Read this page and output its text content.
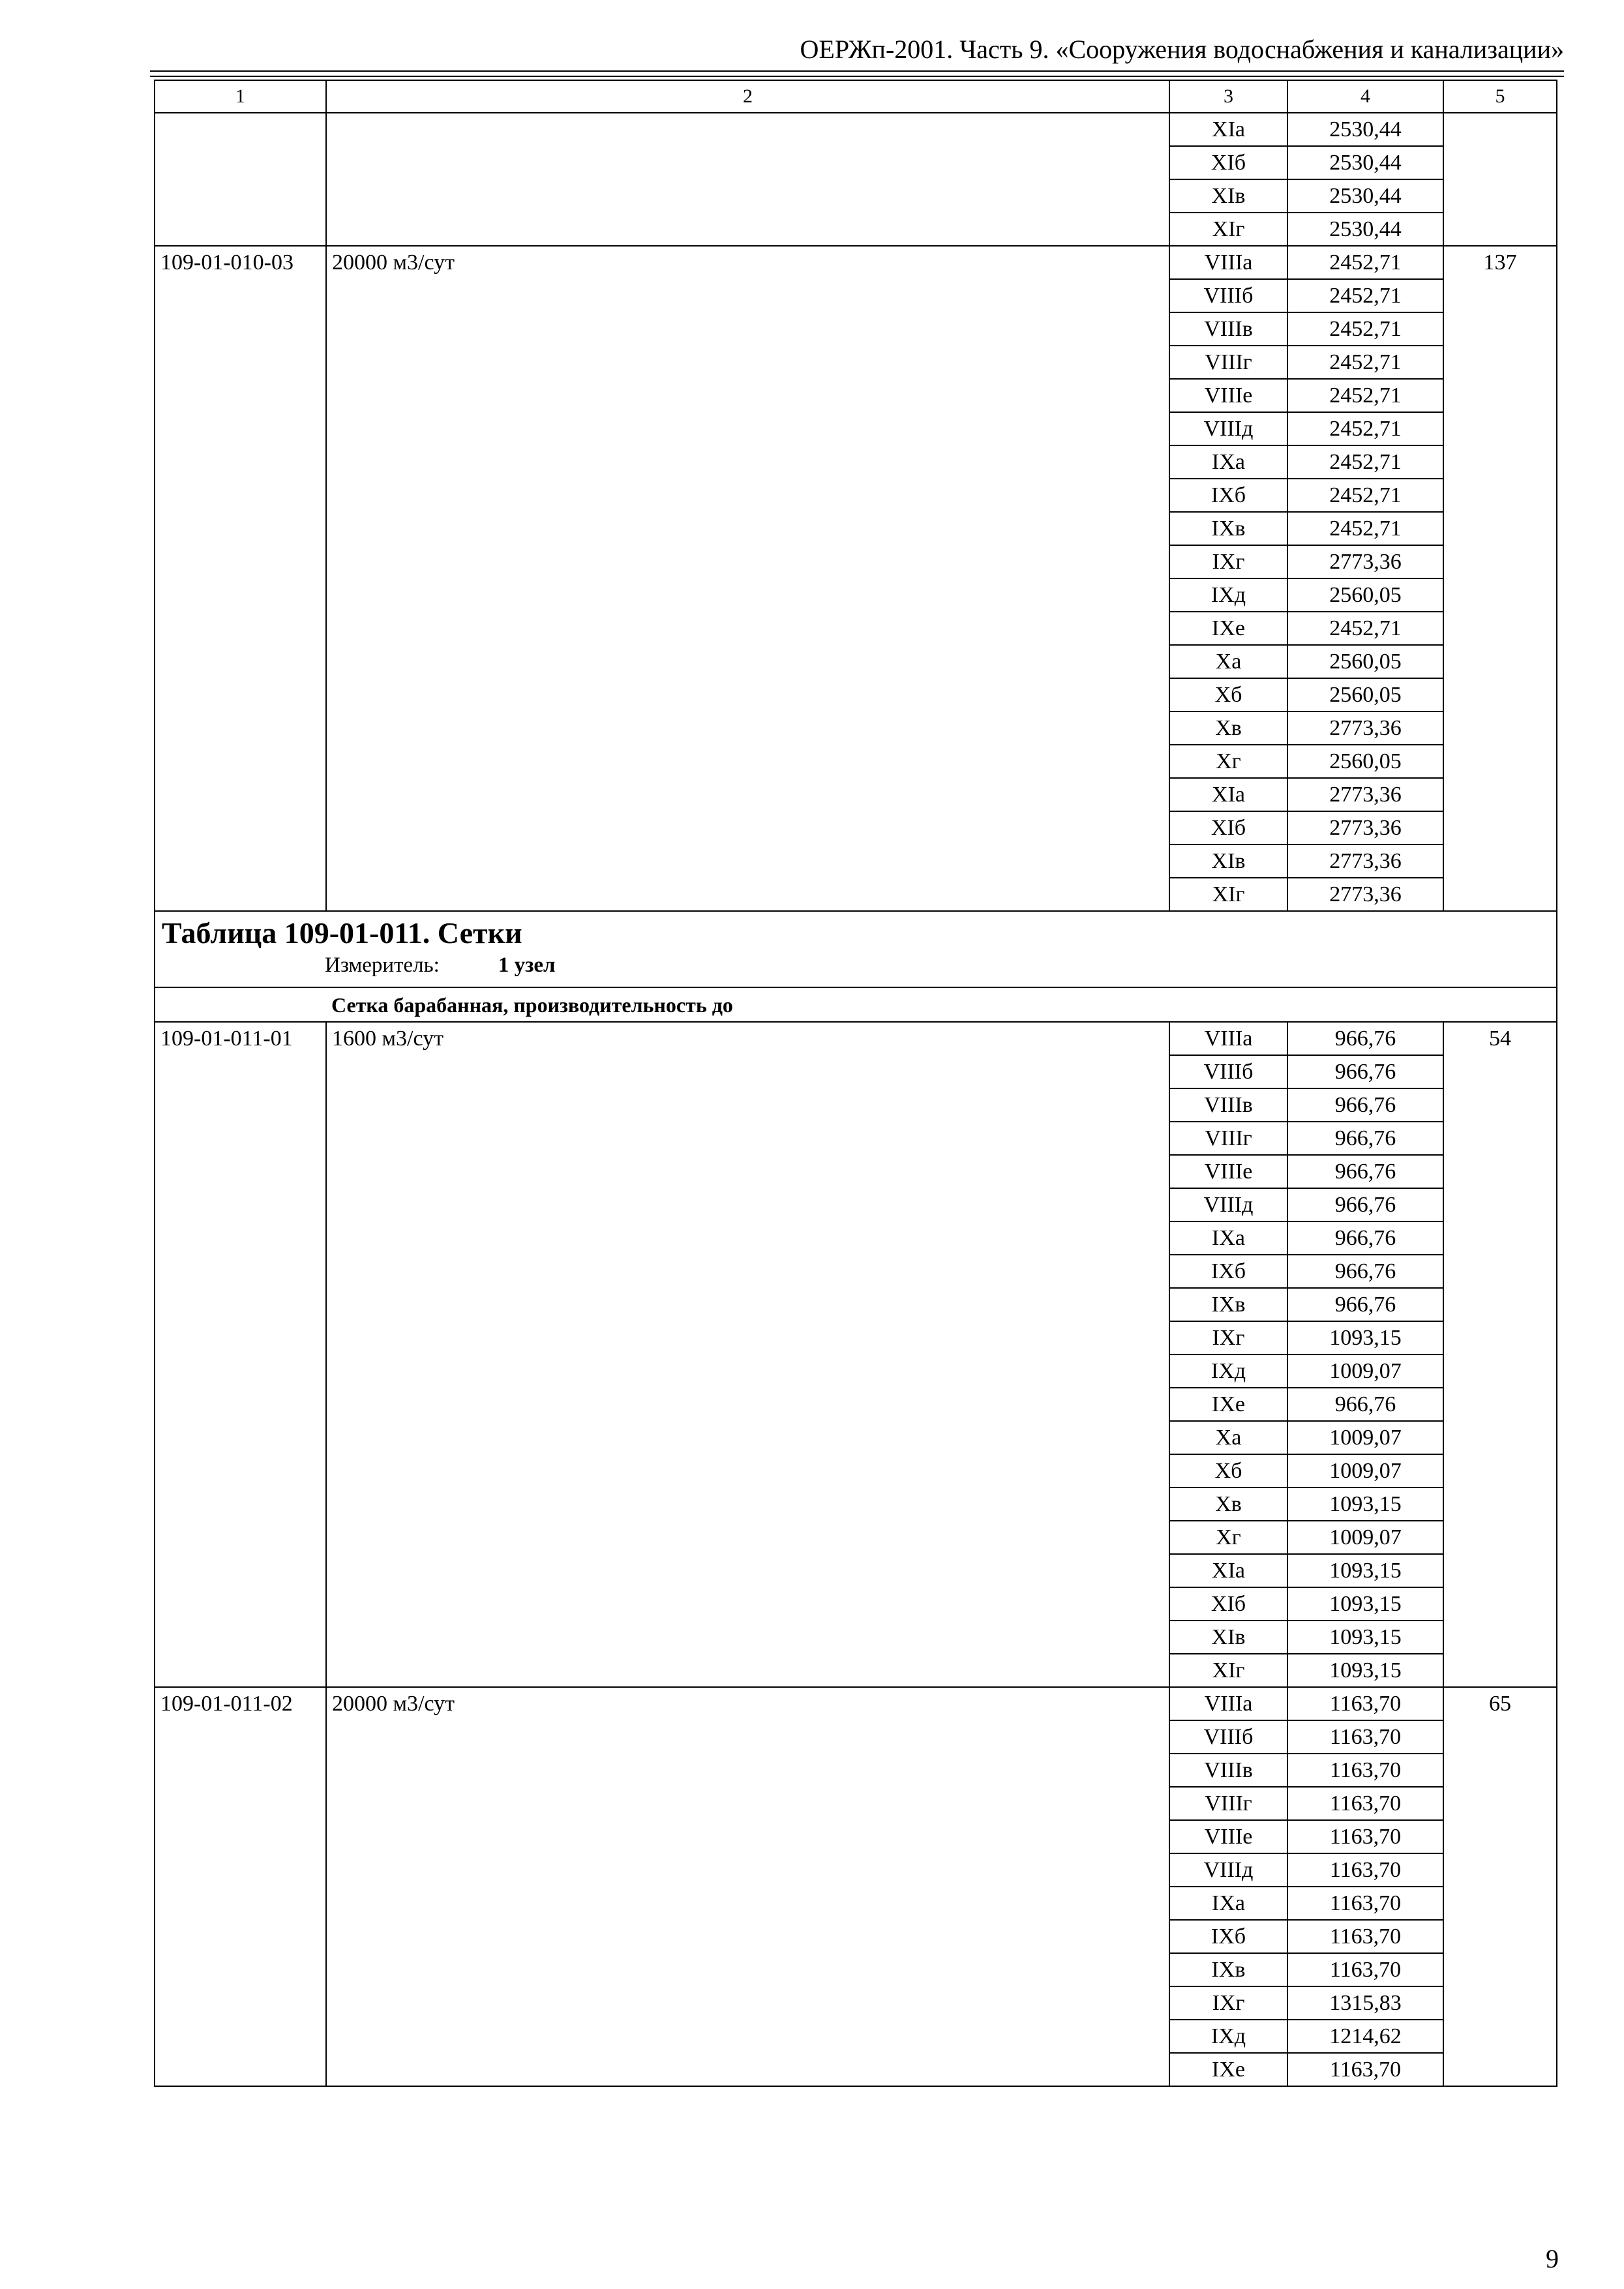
ОЕРЖп-2001. Часть 9. «Сооружения водоснабжения и канализации»
1	2	3	4	5
		XIa	2530,44	
		XIб	2530,44	
		XIв	2530,44	
		XIг	2530,44	
109-01-010-03	20000 м3/сут	VIIIa	2452,71	137
		VIIIб	2452,71	
		VIIIв	2452,71	
		VIIIг	2452,71	
		VIIIе	2452,71	
		VIIIд	2452,71	
		IXa	2452,71	
		IXб	2452,71	
		IXв	2452,71	
		IXг	2773,36	
		IXд	2560,05	
		IXе	2452,71	
		Xa	2560,05	
		Xб	2560,05	
		Xв	2773,36	
		Xг	2560,05	
		XIa	2773,36	
		XIб	2773,36	
		XIв	2773,36	
		XIг	2773,36	

Таблица 109-01-011. Сетки
Измеритель: 1 узел				

Сетка барабанная, производительность до				
109-01-011-01	1600 м3/сут	VIIIa	966,76	54
		VIIIб	966,76	
		VIIIв	966,76	
		VIIIг	966,76	
		VIIIе	966,76	
		VIIIд	966,76	
		IXa	966,76	
		IXб	966,76	
		IXв	966,76	
		IXг	1093,15	
		IXд	1009,07	
		IXе	966,76	
		Xa	1009,07	
		Xб	1009,07	
		Xв	1093,15	
		Xг	1009,07	
		XIa	1093,15	
		XIб	1093,15	
		XIв	1093,15	
		XIг	1093,15	
109-01-011-02	20000 м3/сут	VIIIa	1163,70	65
		VIIIб	1163,70	
		VIIIв	1163,70	
		VIIIг	1163,70	
		VIIIе	1163,70	
		VIIIд	1163,70	
		IXa	1163,70	
		IXб	1163,70	
		IXв	1163,70	
		IXг	1315,83	
		IXд	1214,62	
		IXе	1163,70	
9
